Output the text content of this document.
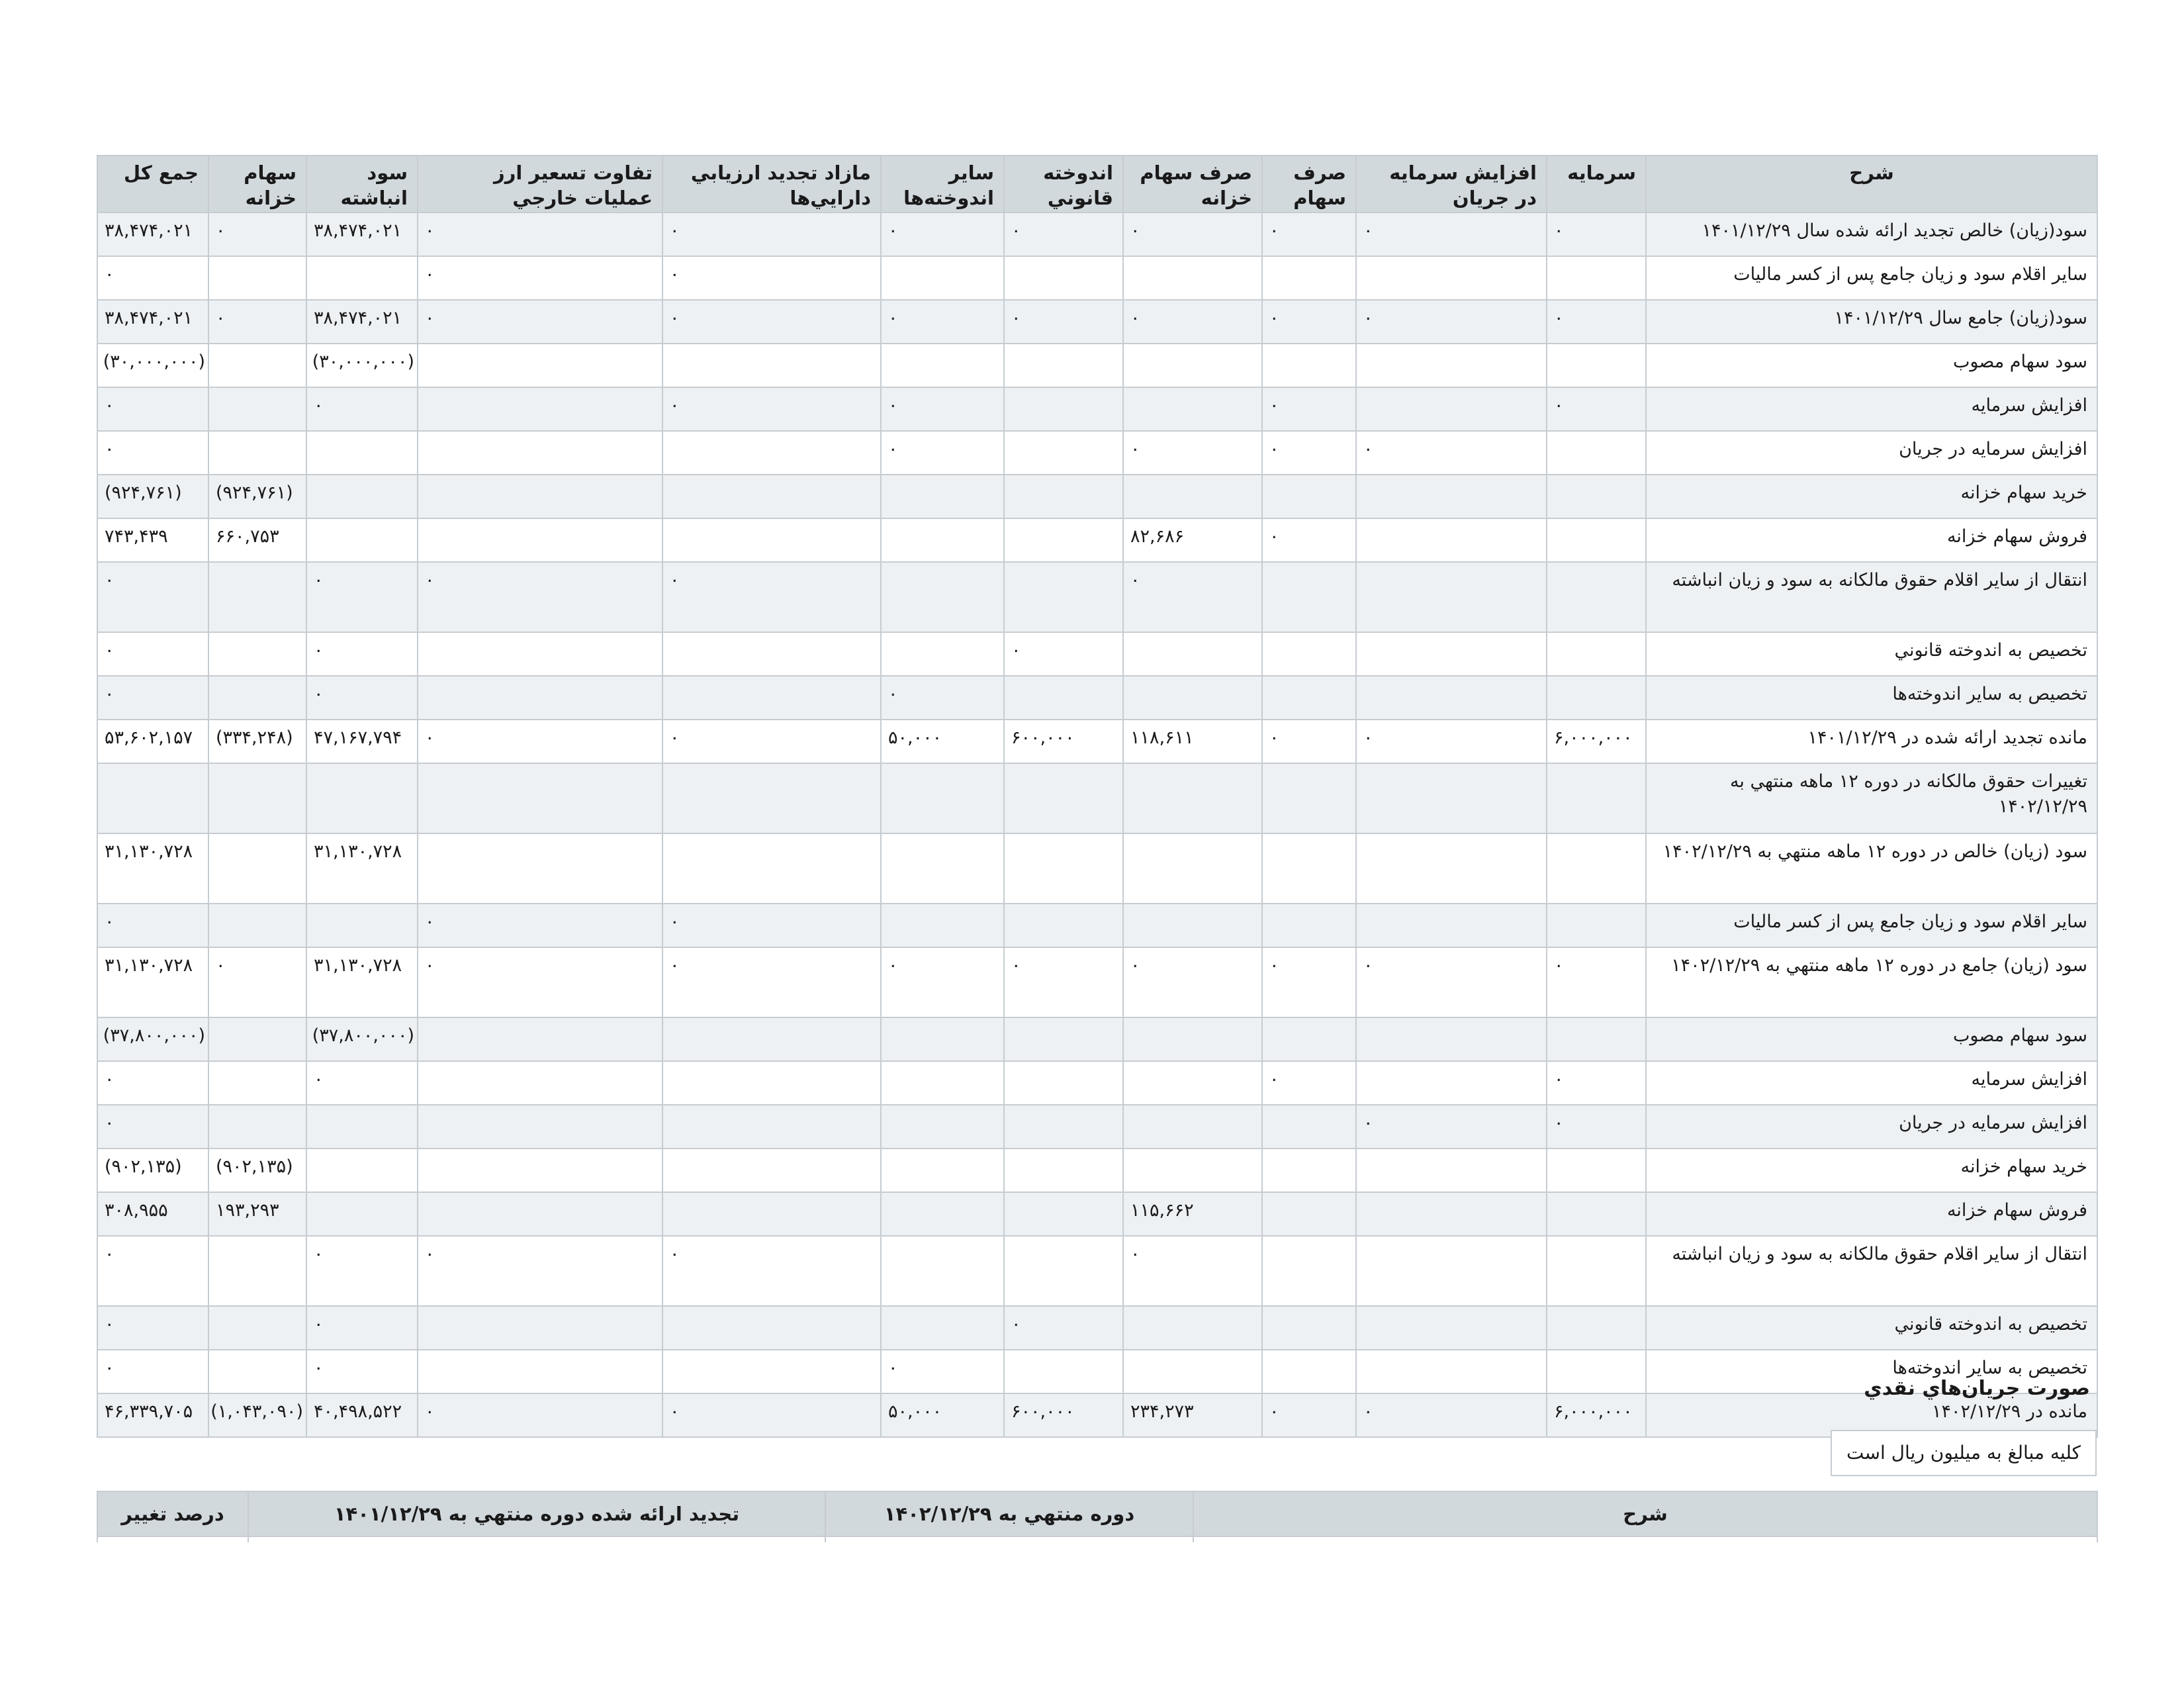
شرح	سرمايه	افزايش سرمايه در جريان	صرف سهام	صرف سهام خزانه	اندوخته قانوني	ساير اندوخته‌ها	مازاد تجديد ارزيابي دارايي‌ها	تفاوت تسعير ارز عمليات خارجي	سود انباشته	سهام خزانه	جمع کل
سود(زيان) خالص تجديد ارائه شده سال ۱۴۰۱/۱۲/۲۹	۰	۰	۰	۰	۰	۰	۰	۰	۳۸,۴۷۴,۰۲۱	۰	۳۸,۴۷۴,۰۲۱
ساير اقلام سود و زيان جامع پس از کسر ماليات							۰	۰			۰
سود(زيان) جامع سال ۱۴۰۱/۱۲/۲۹	۰	۰	۰	۰	۰	۰	۰	۰	۳۸,۴۷۴,۰۲۱	۰	۳۸,۴۷۴,۰۲۱
سود سهام مصوب									(۳۰,۰۰۰,۰۰۰)		(۳۰,۰۰۰,۰۰۰)
افزايش سرمايه	۰		۰			۰	۰		۰		۰
افزايش سرمايه در جريان		۰	۰	۰		۰					۰
خريد سهام خزانه										(۹۲۴,۷۶۱)	(۹۲۴,۷۶۱)
فروش سهام خزانه			۰	۸۲,۶۸۶						۶۶۰,۷۵۳	۷۴۳,۴۳۹
انتقال از ساير اقلام حقوق مالکانه به سود و زيان انباشته				۰			۰	۰	۰		۰
تخصيص به اندوخته قانوني					۰				۰		۰
تخصيص به ساير اندوخته‌ها						۰			۰		۰
مانده تجديد ارائه شده در ۱۴۰۱/۱۲/۲۹	۶,۰۰۰,۰۰۰	۰	۰	۱۱۸,۶۱۱	۶۰۰,۰۰۰	۵۰,۰۰۰	۰	۰	۴۷,۱۶۷,۷۹۴	(۳۳۴,۲۴۸)	۵۳,۶۰۲,۱۵۷
تغييرات حقوق مالکانه در دوره ۱۲ ماهه منتهي به ۱۴۰۲/۱۲/۲۹											
سود (زيان) خالص در دوره ۱۲ ماهه منتهي به ۱۴۰۲/۱۲/۲۹									۳۱,۱۳۰,۷۲۸		۳۱,۱۳۰,۷۲۸
ساير اقلام سود و زيان جامع پس از کسر ماليات							۰	۰			۰
سود (زيان) جامع در دوره ۱۲ ماهه منتهي به ۱۴۰۲/۱۲/۲۹	۰	۰	۰	۰	۰	۰	۰	۰	۳۱,۱۳۰,۷۲۸	۰	۳۱,۱۳۰,۷۲۸
سود سهام مصوب									(۳۷,۸۰۰,۰۰۰)		(۳۷,۸۰۰,۰۰۰)
افزايش سرمايه	۰		۰						۰		۰
افزايش سرمايه در جريان	۰	۰									۰
خريد سهام خزانه										(۹۰۲,۱۳۵)	(۹۰۲,۱۳۵)
فروش سهام خزانه				۱۱۵,۶۶۲						۱۹۳,۲۹۳	۳۰۸,۹۵۵
انتقال از ساير اقلام حقوق مالکانه به سود و زيان انباشته				۰			۰	۰	۰		۰
تخصيص به اندوخته قانوني					۰				۰		۰
تخصيص به ساير اندوخته‌ها						۰			۰		۰
مانده در ۱۴۰۲/۱۲/۲۹	۶,۰۰۰,۰۰۰	۰	۰	۲۳۴,۲۷۳	۶۰۰,۰۰۰	۵۰,۰۰۰	۰	۰	۴۰,۴۹۸,۵۲۲	(۱,۰۴۳,۰۹۰)	۴۶,۳۳۹,۷۰۵
صورت جريان‌هاي نقدي
کليه مبالغ به ميليون ريال است
شرح	دوره منتهي به ۱۴۰۲/۱۲/۲۹	تجديد ارائه شده دوره منتهي به ۱۴۰۱/۱۲/۲۹	درصد تغيير
